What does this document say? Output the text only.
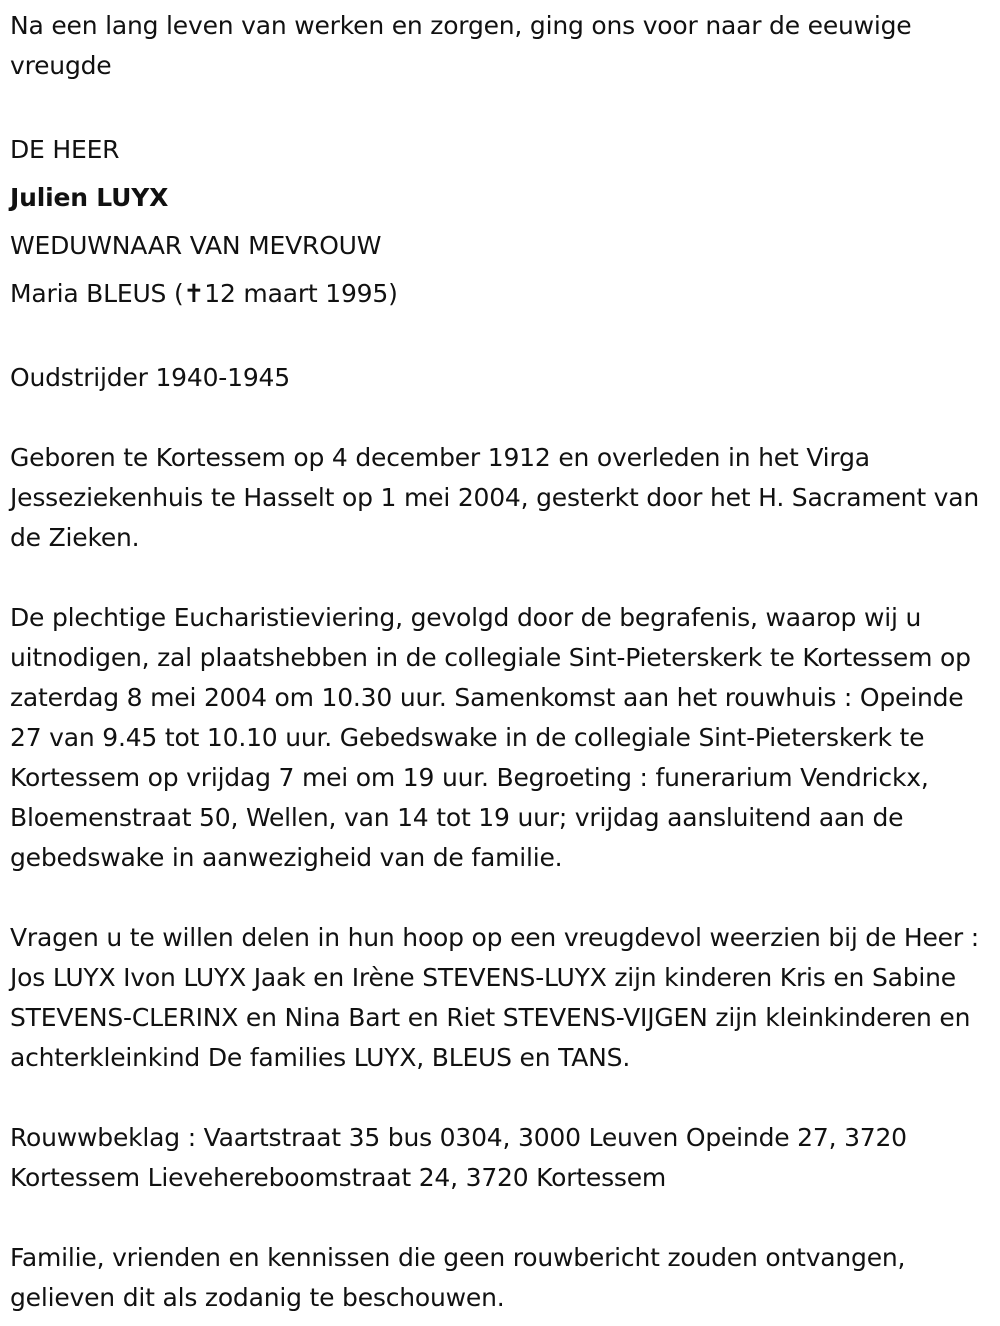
Na een lang leven van werken en zorgen, ging ons voor naar de eeuwige vreugde

DE HEER

Julien LUYX

WEDUWNAAR VAN MEVROUW

Maria BLEUS (✝12 maart 1995)

Oudstrijder 1940-1945

Geboren te Kortessem op 4 december 1912 en overleden in het Virga Jesseziekenhuis te Hasselt op 1 mei 2004, gesterkt door het H. Sacrament van de Zieken.

De plechtige Eucharistieviering, gevolgd door de begrafenis, waarop wij u uitnodigen, zal plaatshebben in de collegiale Sint-Pieterskerk te Kortessem op zaterdag 8 mei 2004 om 10.30 uur. Samenkomst aan het rouwhuis : Opeinde 27 van 9.45 tot 10.10 uur. Gebedswake in de collegiale Sint-Pieterskerk te Kortessem op vrijdag 7 mei om 19 uur. Begroeting : funerarium Vendrickx, Bloemenstraat 50, Wellen, van 14 tot 19 uur; vrijdag aansluitend aan de gebedswake in aanwezigheid van de familie.

Vragen u te willen delen in hun hoop op een vreugdevol weerzien bij de Heer : Jos LUYX Ivon LUYX Jaak en Irène STEVENS-LUYX zijn kinderen Kris en Sabine STEVENS-CLERINX en Nina Bart en Riet STEVENS-VIJGEN zijn kleinkinderen en achterkleinkind De families LUYX, BLEUS en TANS.

Rouwwbeklag : Vaartstraat 35 bus 0304, 3000 Leuven Opeinde 27, 3720 Kortessem Lievehereboomstraat 24, 3720 Kortessem

Familie, vrienden en kennissen die geen rouwbericht zouden ontvangen, gelieven dit als zodanig te beschouwen.
